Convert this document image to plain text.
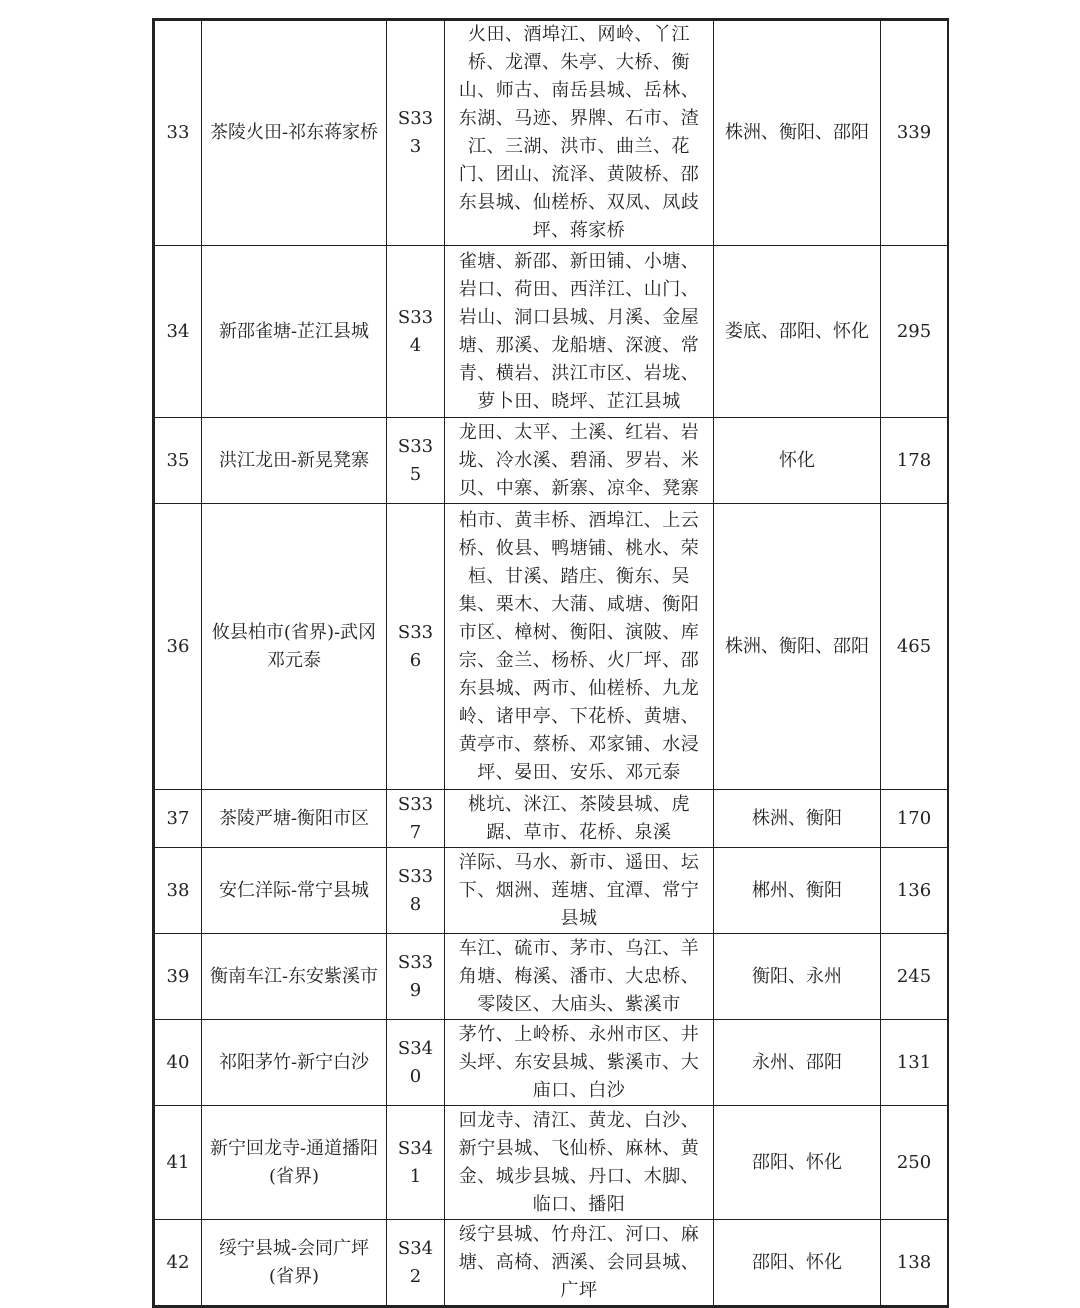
33	茶陵火田-祁东蒋家桥	S333	火田、酒埠江、网岭、丫江桥、龙潭、朱亭、大桥、衡山、师古、南岳县城、岳林、东湖、马迹、界牌、石市、渣江、三湖、洪市、曲兰、花门、团山、流泽、黄陂桥、邵东县城、仙槎桥、双凤、凤歧坪、蒋家桥	株洲、衡阳、邵阳	339
34	新邵雀塘-芷江县城	S334	雀塘、新邵、新田铺、小塘、岩口、荷田、西洋江、山门、岩山、洞口县城、月溪、金屋塘、那溪、龙船塘、深渡、常青、横岩、洪江市区、岩垅、萝卜田、晓坪、芷江县城	娄底、邵阳、怀化	295
35	洪江龙田-新晃凳寨	S335	龙田、太平、土溪、红岩、岩垅、冷水溪、碧涌、罗岩、米贝、中寨、新寨、凉伞、凳寨	怀化	178
36	攸县柏市(省界)-武冈邓元泰	S336	柏市、黄丰桥、酒埠江、上云桥、攸县、鸭塘铺、桃水、荣桓、甘溪、踏庄、衡东、吴集、栗木、大蒲、咸塘、衡阳市区、樟树、衡阳、演陂、库宗、金兰、杨桥、火厂坪、邵东县城、两市、仙槎桥、九龙岭、诸甲亭、下花桥、黄塘、黄亭市、蔡桥、邓家铺、水浸坪、晏田、安乐、邓元泰	株洲、衡阳、邵阳	465
37	茶陵严塘-衡阳市区	S337	桃坑、洣江、茶陵县城、虎踞、草市、花桥、泉溪	株洲、衡阳	170
38	安仁洋际-常宁县城	S338	洋际、马水、新市、遥田、坛下、烟洲、莲塘、宜潭、常宁县城	郴州、衡阳	136
39	衡南车江-东安紫溪市	S339	车江、硫市、茅市、乌江、羊角塘、梅溪、潘市、大忠桥、零陵区、大庙头、紫溪市	衡阳、永州	245
40	祁阳茅竹-新宁白沙	S340	茅竹、上岭桥、永州市区、井头坪、东安县城、紫溪市、大庙口、白沙	永州、邵阳	131
41	新宁回龙寺-通道播阳(省界)	S341	回龙寺、清江、黄龙、白沙、新宁县城、飞仙桥、麻林、黄金、城步县城、丹口、木脚、临口、播阳	邵阳、怀化	250
42	绥宁县城-会同广坪(省界)	S342	绥宁县城、竹舟江、河口、麻塘、高椅、洒溪、会同县城、广坪	邵阳、怀化	138
